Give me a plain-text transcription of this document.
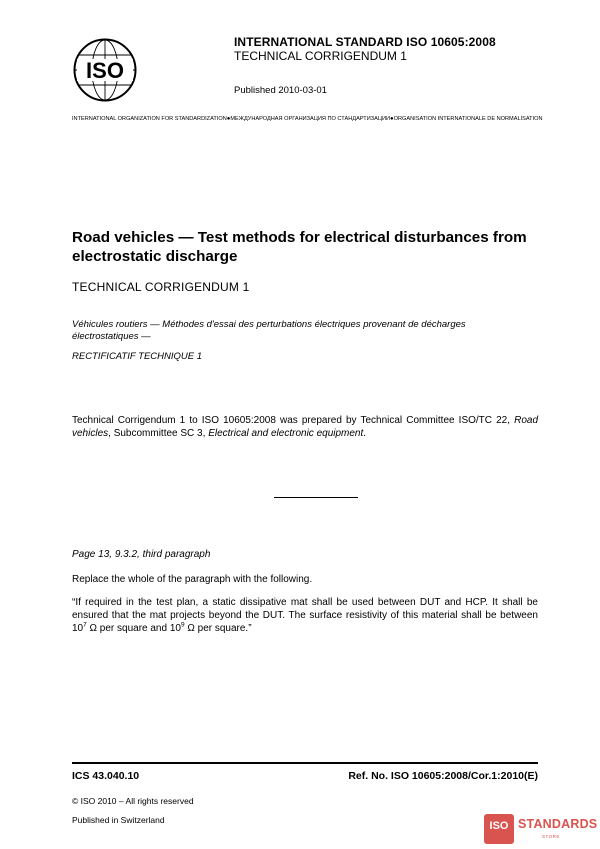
ISO
INTERNATIONAL STANDARD ISO 10605:2008
TECHNICAL CORRIGENDUM 1
Published 2010-03-01
INTERNATIONAL ORGANIZATION FOR STANDARDIZATION ● МЕЖДУНАРОДНАЯ ОРГАНИЗАЦИЯ ПО СТАНДАРТИЗАЦИИ ● ORGANISATION INTERNATIONALE DE NORMALISATION
Road vehicles — Test methods for electrical disturbances from electrostatic discharge
TECHNICAL CORRIGENDUM 1
Véhicules routiers — Méthodes d'essai des perturbations électriques provenant de décharges électrostatiques —
RECTIFICATIF TECHNIQUE 1
Technical Corrigendum 1 to ISO 10605:2008 was prepared by Technical Committee ISO/TC 22, Road vehicles, Subcommittee SC 3, Electrical and electronic equipment.
Page 13, 9.3.2, third paragraph
Replace the whole of the paragraph with the following.
“If required in the test plan, a static dissipative mat shall be used between DUT and HCP. It shall be ensured that the mat projects beyond the DUT. The surface resistivity of this material shall be between $10^7$ Ω per square and $10^9$ Ω per square.”
ICS 43.040.10	Ref. No. ISO 10605:2008/Cor.1:2010(E)
© ISO 2010 – All rights reserved
Published in Switzerland	ISO STANDARDS
STORE
